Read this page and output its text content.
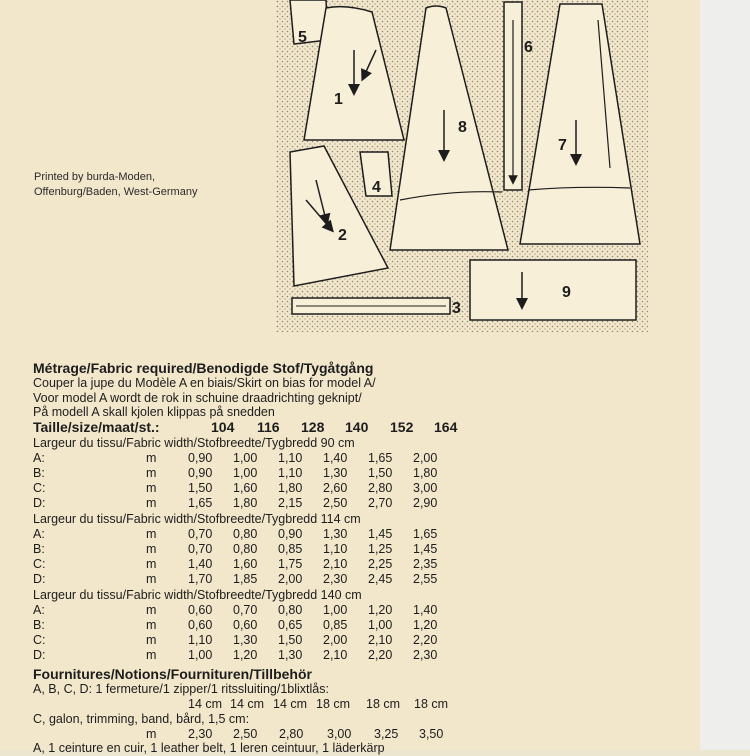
Printed by burda-Moden,
Offenburg/Baden, West-Germany
5
1
8
6
7
4
2
9
3
Métrage/Fabric required/Benodigde Stof/Tygåtgång
Couper la jupe du Modèle A en biais/Skirt on bias for model A/
Voor model A wordt de rok in schuine draadrichting geknipt/
På modell A skall kjolen klippas på snedden
Taille/size/maat/st.:	104 116 128 140 152 164
Largeur du tissu/Fabric width/Stofbreedte/Tygbredd 90 cm
A:	m	0,90 1,00 1,10 1,40 1,65 2,00
B:	m	0,90 1,00 1,10 1,30 1,50 1,80
C:	m	1,50 1,60 1,80 2,60 2,80 3,00
D:	m	1,65 1,80 2,15 2,50 2,70 2,90
Largeur du tissu/Fabric width/Stofbreedte/Tygbredd 114 cm
A:	m	0,70 0,80 0,90 1,30 1,45 1,65
B:	m	0,70 0,80 0,85 1,10 1,25 1,45
C:	m	1,40 1,60 1,75 2,10 2,25 2,35
D:	m	1,70 1,85 2,00 2,30 2,45 2,55
Largeur du tissu/Fabric width/Stofbreedte/Tygbredd 140 cm
A:	m	0,60 0,70 0,80 1,00 1,20 1,40
B:	m	0,60 0,60 0,65 0,85 1,00 1,20
C:	m	1,10 1,30 1,50 2,00 2,10 2,20
D:	m	1,00 1,20 1,30 2,10 2,20 2,30
Fournitures/Notions/Fournituren/Tillbehör
A, B, C, D: 1 fermeture/1 zipper/1 ritssluiting/1blixtlås:
14 cm 14 cm 14 cm 18 cm 18 cm 18 cm
C, galon, trimming, band, bård, 1,5 cm:
m	2,30 2,50 2,80 3,00 3,25 3,50
A, 1 ceinture en cuir, 1 leather belt, 1 leren ceintuur, 1 läderkärp
